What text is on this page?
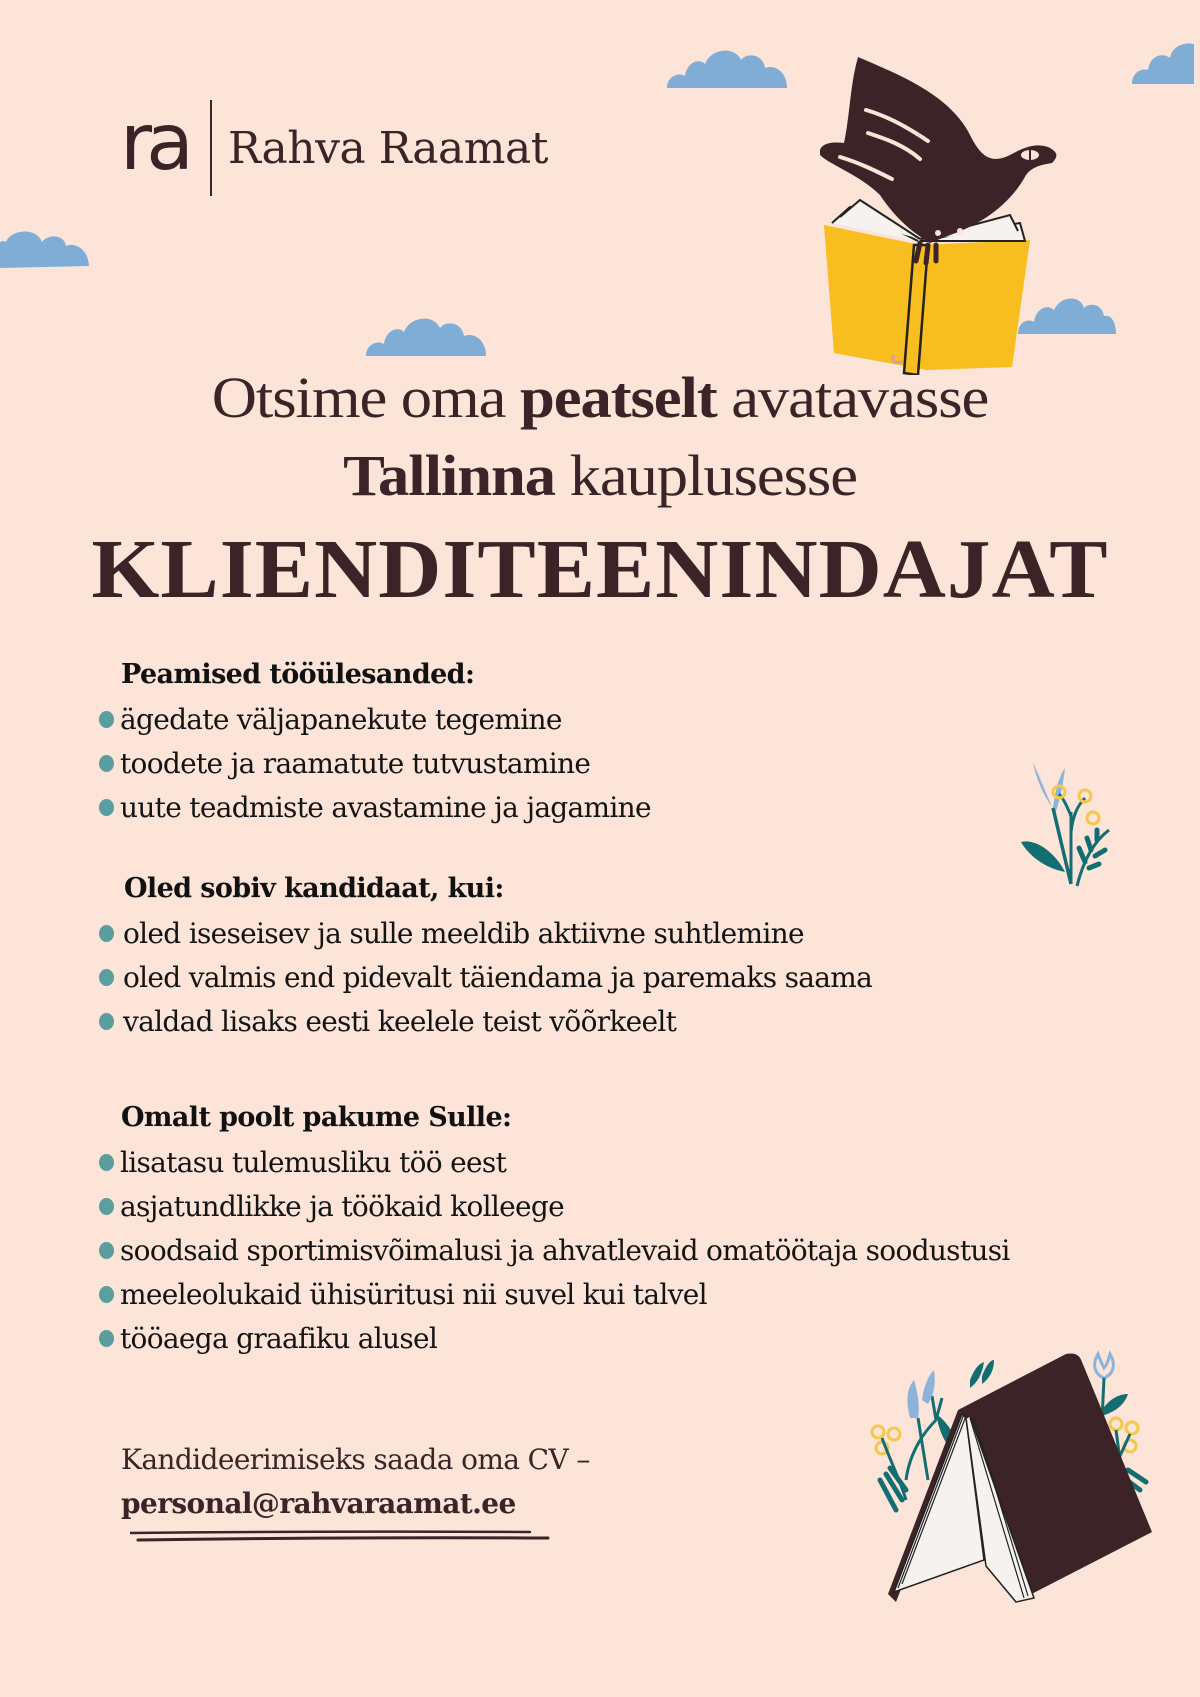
ra Rahva Raamat
Otsime oma peatselt avatavasse
Tallinna kauplusesse
KLIENDITEENINDAJAT
Peamised tööülesanded:
ägedate väljapanekute tegemine
toodete ja raamatute tutvustamine
uute teadmiste avastamine ja jagamine
Oled sobiv kandidaat, kui:
oled iseseisev ja sulle meeldib aktiivne suhtlemine
oled valmis end pidevalt täiendama ja paremaks saama
valdad lisaks eesti keelele teist võõrkeelt
Omalt poolt pakume Sulle:
lisatasu tulemusliku töö eest
asjatundlikke ja töökaid kolleege
soodsaid sportimisvõimalusi ja ahvatlevaid omatöötaja soodustusi
meeleolukaid ühisüritusi nii suvel kui talvel
tööaega graafiku alusel
Kandideerimiseks saada oma CV –
personal@rahvaraamat.ee
